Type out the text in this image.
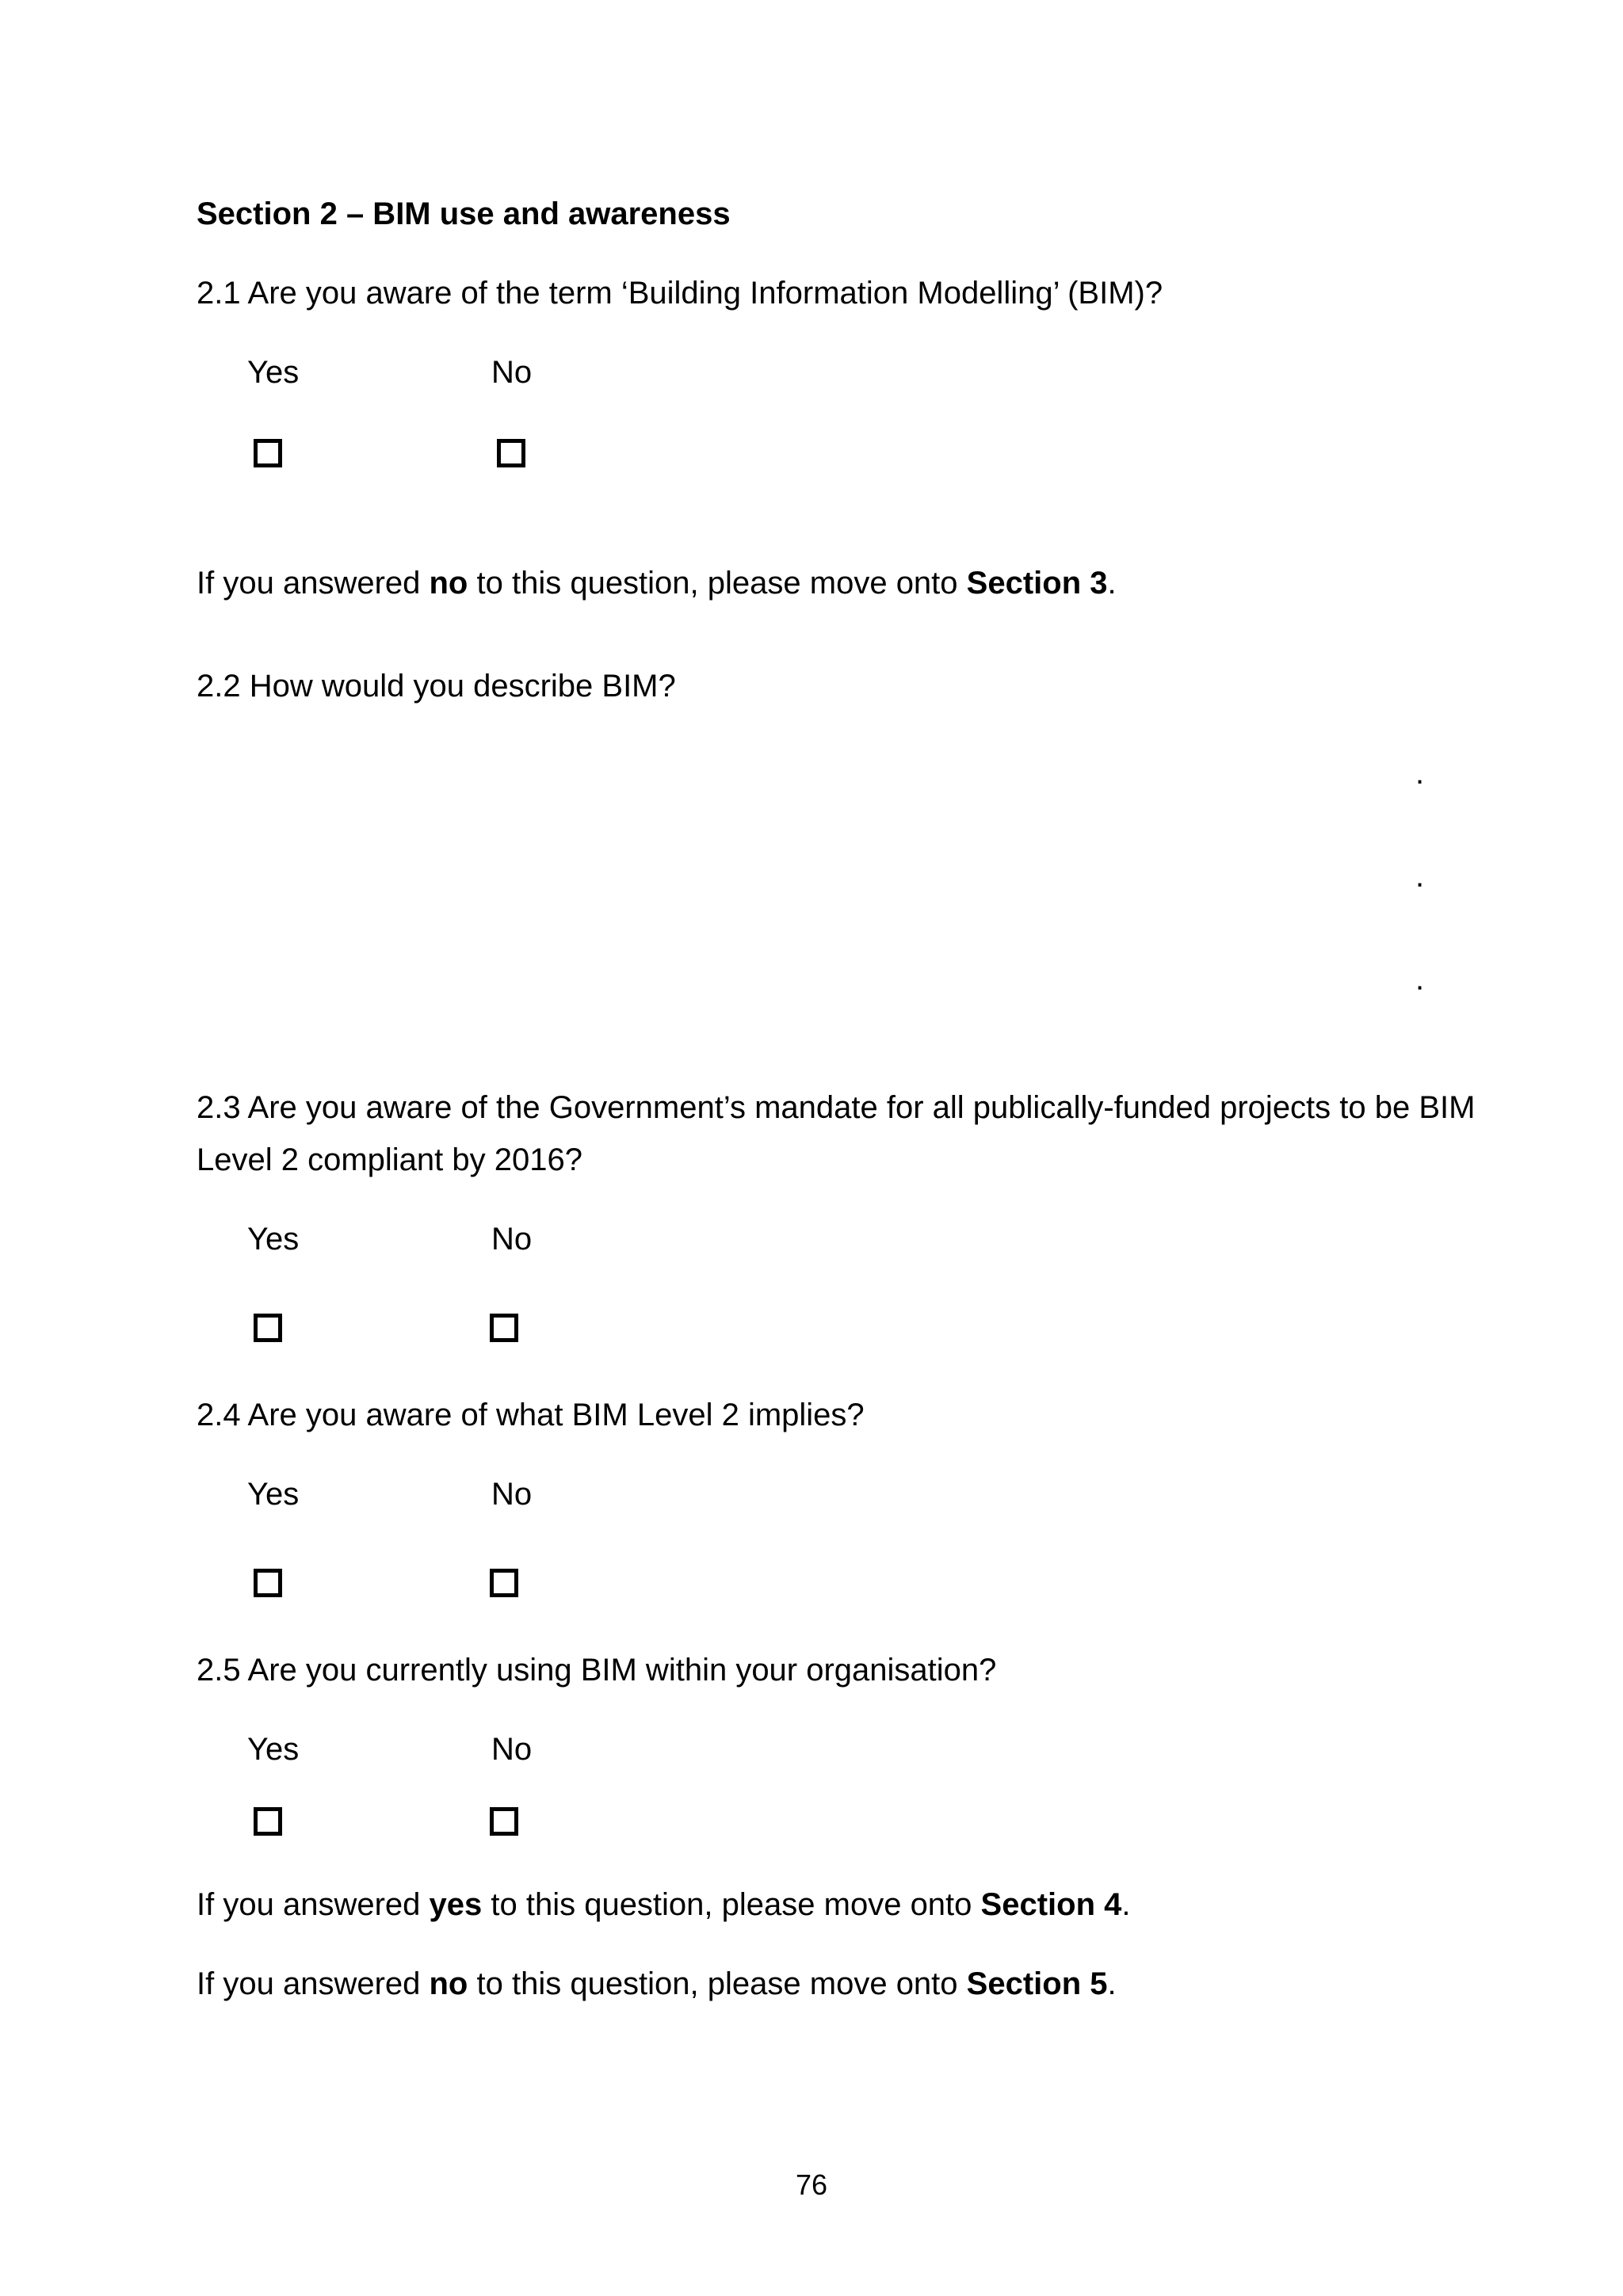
Section 2 – BIM use and awareness
2.1 Are you aware of the term ‘Building Information Modelling’ (BIM)?
Yes	No
If you answered no to this question, please move onto Section 3.
2.2 How would you describe BIM?
.
.
.
2.3 Are you aware of the Government’s mandate for all publically-funded projects to be BIM
Level 2 compliant by 2016?
Yes	No
2.4 Are you aware of what BIM Level 2 implies?
Yes	No
2.5 Are you currently using BIM within your organisation?
Yes	No
If you answered yes to this question, please move onto Section 4.
If you answered no to this question, please move onto Section 5.
76
